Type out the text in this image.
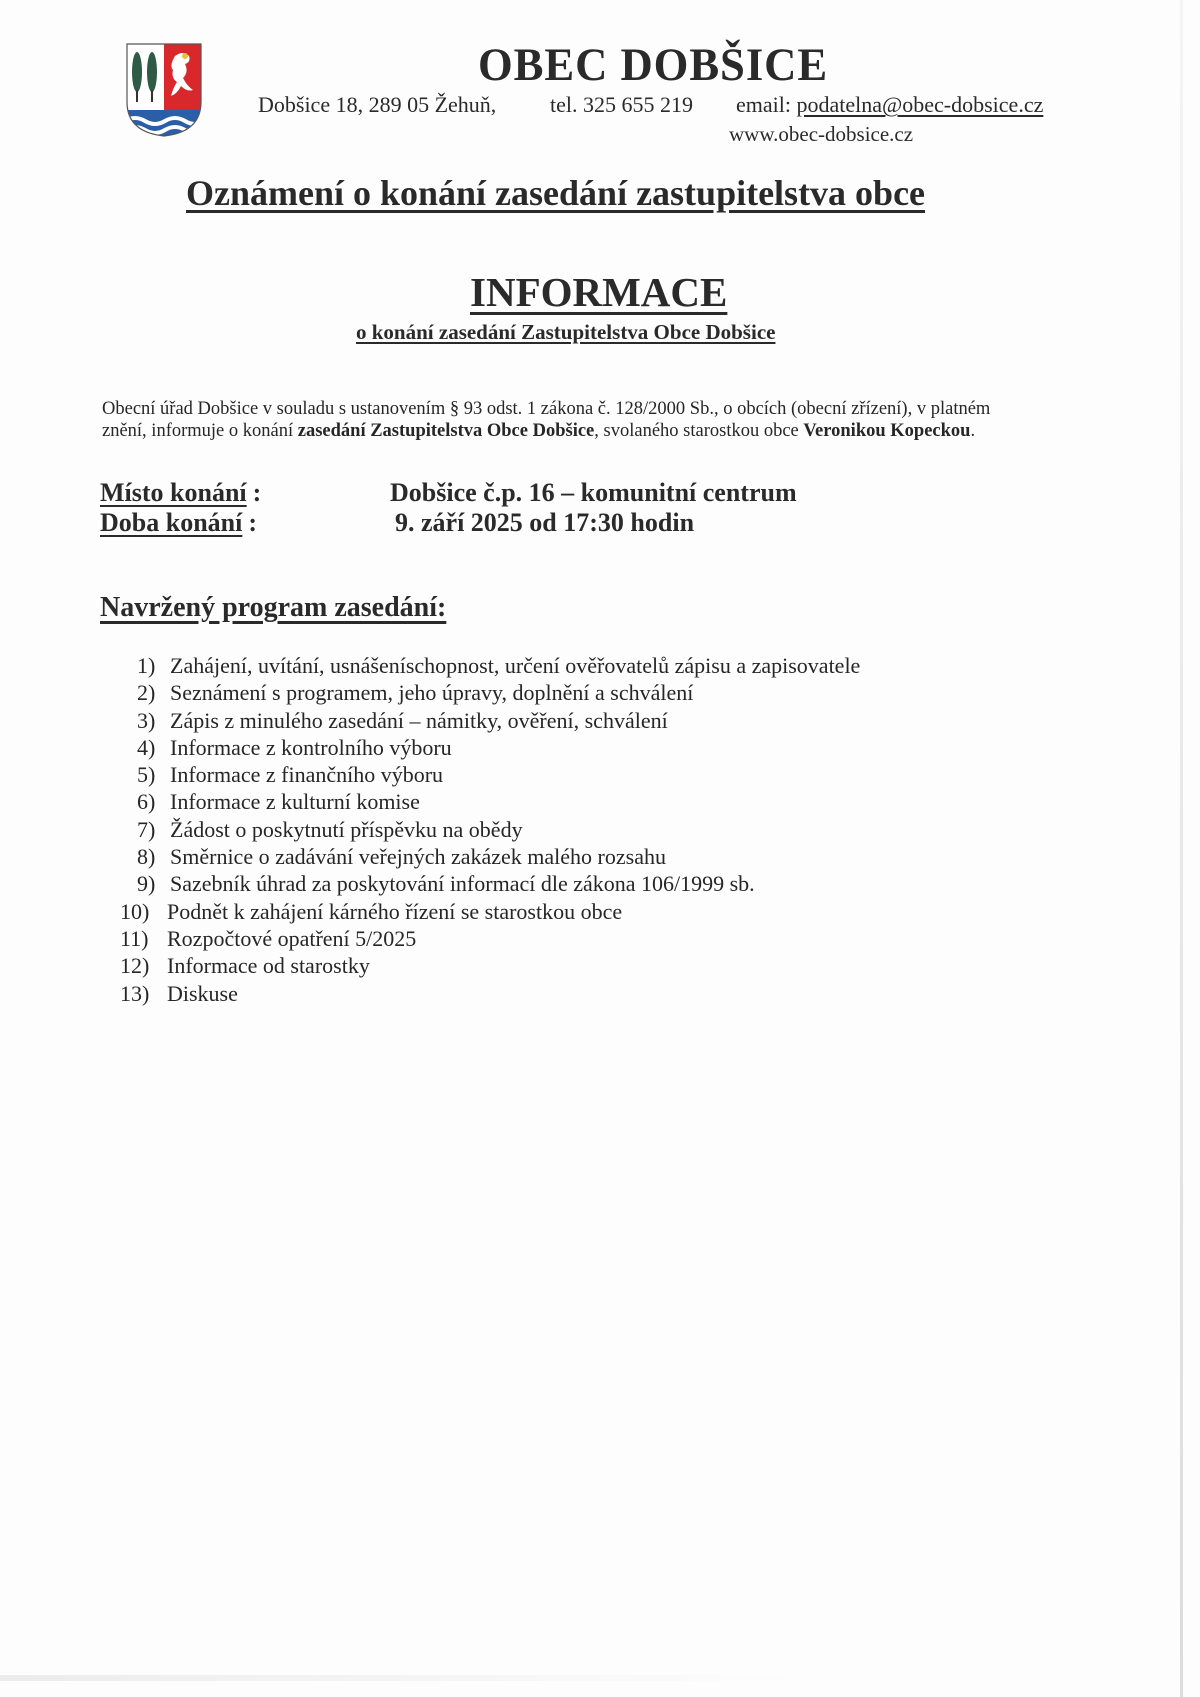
OBEC DOBŠICE
Dobšice 18, 289 05 Žehuň, tel. 325 655 219 email: podatelna@obec-dobsice.cz
www.obec-dobsice.cz
Oznámení o konání zasedání zastupitelstva obce
INFORMACE
o konání zasedání Zastupitelstva Obce Dobšice
Obecní úřad Dobšice v souladu s ustanovením § 93 odst. 1 zákona č. 128/2000 Sb., o obcích (obecní zřízení), v platném
znění, informuje o konání zasedání Zastupitelstva Obce Dobšice, svolaného starostkou obce Veronikou Kopeckou.
Místo konání :	Dobšice č.p. 16 – komunitní centrum
Doba konání :	9. září 2025 od 17:30 hodin
Navržený program zasedání:
1) Zahájení, uvítání, usnášeníschopnost, určení ověřovatelů zápisu a zapisovatele
2) Seznámení s programem, jeho úpravy, doplnění a schválení
3) Zápis z minulého zasedání – námitky, ověření, schválení
4) Informace z kontrolního výboru
5) Informace z finančního výboru
6) Informace z kulturní komise
7) Žádost o poskytnutí příspěvku na obědy
8) Směrnice o zadávání veřejných zakázek malého rozsahu
9) Sazebník úhrad za poskytování informací dle zákona 106/1999 sb.
10) Podnět k zahájení kárného řízení se starostkou obce
11) Rozpočtové opatření 5/2025
12) Informace od starostky
13) Diskuse
